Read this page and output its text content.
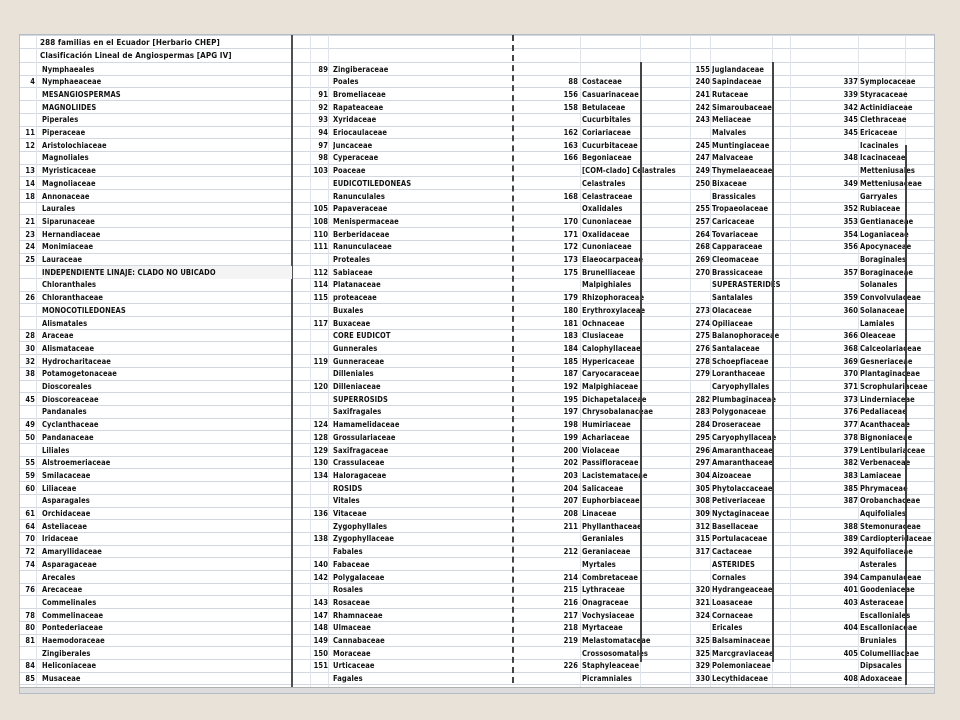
288 familias en el Ecuador [Herbario CHEP]
Clasificación Lineal de Angiospermas [APG IV]
Nymphaeales
4 Nymphaeaceae
MESANGIOSPERMAS
MAGNOLIIDES
Piperales
11 Piperaceae
12 Aristolochiaceae
Magnoliales
13 Myristicaceae
14 Magnoliaceae
18 Annonaceae
Laurales
21 Siparunaceae
23 Hernandiaceae
24 Monimiaceae
25 Lauraceae
INDEPENDIENTE LINAJE: CLADO NO UBICADO
Chloranthales
26 Chloranthaceae
MONOCOTILEDONEAS
Alismatales
28 Araceae
30 Alismataceae
32 Hydrocharitaceae
38 Potamogetonaceae
Dioscoreales
45 Dioscoreaceae
Pandanales
49 Cyclanthaceae
50 Pandanaceae
Liliales
55 Alstroemeriaceae
59 Smilacaceae
60 Liliaceae
Asparagales
61 Orchidaceae
64 Asteliaceae
70 Iridaceae
72 Amaryllidaceae
74 Asparagaceae
Arecales
76 Arecaceae
Commelinales
78 Commelinaceae
80 Pontederiaceae
81 Haemodoraceae
Zingiberales
84 Heliconiaceae
85 Musaceae
89 Zingiberaceae
Poales
91 Bromeliaceae
92 Rapateaceae
93 Xyridaceae
94 Eriocaulaceae
97 Juncaceae
98 Cyperaceae
103 Poaceae
EUDICOTILEDONEAS
Ranunculales
105 Papaveraceae
108 Menispermaceae
110 Berberidaceae
111 Ranunculaceae
Proteales
112 Sabiaceae
114 Platanaceae
115 proteaceae
Buxales
117 Buxaceae
CORE EUDICOT
Gunnerales
119 Gunneraceae
Dilleniales
120 Dilleniaceae
SUPERROSIDS
Saxifragales
124 Hamamelidaceae
128 Grossulariaceae
129 Saxifragaceae
130 Crassulaceae
134 Haloragaceae
ROSIDS
Vitales
136 Vitaceae
Zygophyllales
138 Zygophyllaceae
Fabales
140 Fabaceae
142 Polygalaceae
Rosales
143 Rosaceae
147 Rhamnaceae
148 Ulmaceae
149 Cannabaceae
150 Moraceae
151 Urticaceae
Fagales
88 Costaceae
156 Casuarinaceae
158 Betulaceae
Cucurbitales
162 Coriariaceae
163 Cucurbitaceae
166 Begoniaceae
[COM-clado] Celastrales
Celastrales
168 Celastraceae
Oxalidales
170 Cunoniaceae
171 Oxalidaceae
172 Cunoniaceae
173 Elaeocarpaceae
175 Brunelliaceae
Malpighiales
179 Rhizophoraceae
180 Erythroxylaceae
181 Ochnaceae
183 Clusiaceae
184 Calophyllaceae
185 Hypericaceae
187 Caryocaraceae
192 Malpighiaceae
195 Dichapetalaceae
197 Chrysobalanaceae
198 Humiriaceae
199 Achariaceae
200 Violaceae
202 Passifloraceae
203 Lacistemataceae
204 Salicaceae
207 Euphorbiaceae
208 Linaceae
211 Phyllanthaceae
Geraniales
212 Geraniaceae
Myrtales
214 Combretaceae
215 Lythraceae
216 Onagraceae
217 Vochysiaceae
218 Myrtaceae
219 Melastomataceae
Crossosomatales
226 Staphyleaceae
Picramniales
155 Juglandaceae
240 Sapindaceae
241 Rutaceae
242 Simaroubaceae
243 Meliaceae
Malvales
245 Muntingiaceae
247 Malvaceae
249 Thymelaeaceae
250 Bixaceae
Brassicales
255 Tropaeolaceae
257 Caricaceae
264 Tovariaceae
268 Capparaceae
269 Cleomaceae
270 Brassicaceae
SUPERASTERIDES
Santalales
273 Olacaceae
274 Opiliaceae
275 Balanophoraceae
276 Santalaceae
278 Schoepfiaceae
279 Loranthaceae
Caryophyllales
282 Plumbaginaceae
283 Polygonaceae
284 Droseraceae
295 Caryophyllaceae
296 Amaranthaceae
297 Amaranthaceae
304 Aizoaceae
305 Phytolaccaceae
308 Petiveriaceae
309 Nyctaginaceae
312 Basellaceae
315 Portulacaceae
317 Cactaceae
ASTERIDES
Cornales
320 Hydrangeaceae
321 Loasaceae
324 Cornaceae
Ericales
325 Balsaminaceae
325 Marcgraviaceae
329 Polemoniaceae
330 Lecythidaceae
337 Symplocaceae
339 Styracaceae
342 Actinidiaceae
345 Clethraceae
345 Ericaceae
Icacinales
348 Icacinaceae
Metteniusales
349 Metteniusaceae
Garryales
352 Rubiaceae
353 Gentianaceae
354 Loganiaceae
356 Apocynaceae
Boraginales
357 Boraginaceae
Solanales
359 Convolvulaceae
360 Solanaceae
Lamiales
366 Oleaceae
368 Calceolariaceae
369 Gesneriaceae
370 Plantaginaceae
371 Scrophulariaceae
373 Linderniaceae
376 Pedaliaceae
377 Acanthaceae
378 Bignoniaceae
379 Lentibulariaceae
382 Verbenaceae
383 Lamiaceae
385 Phrymaceae
387 Orobanchaceae
Aquifoliales
388 Stemonuraceae
389 Cardiopteridaceae
392 Aquifoliaceae
Asterales
394 Campanulaceae
401 Goodeniaceae
403 Asteraceae
Escalloniales
404 Escalloniaceae
Bruniales
405 Columelliaceae
Dipsacales
408 Adoxaceae
